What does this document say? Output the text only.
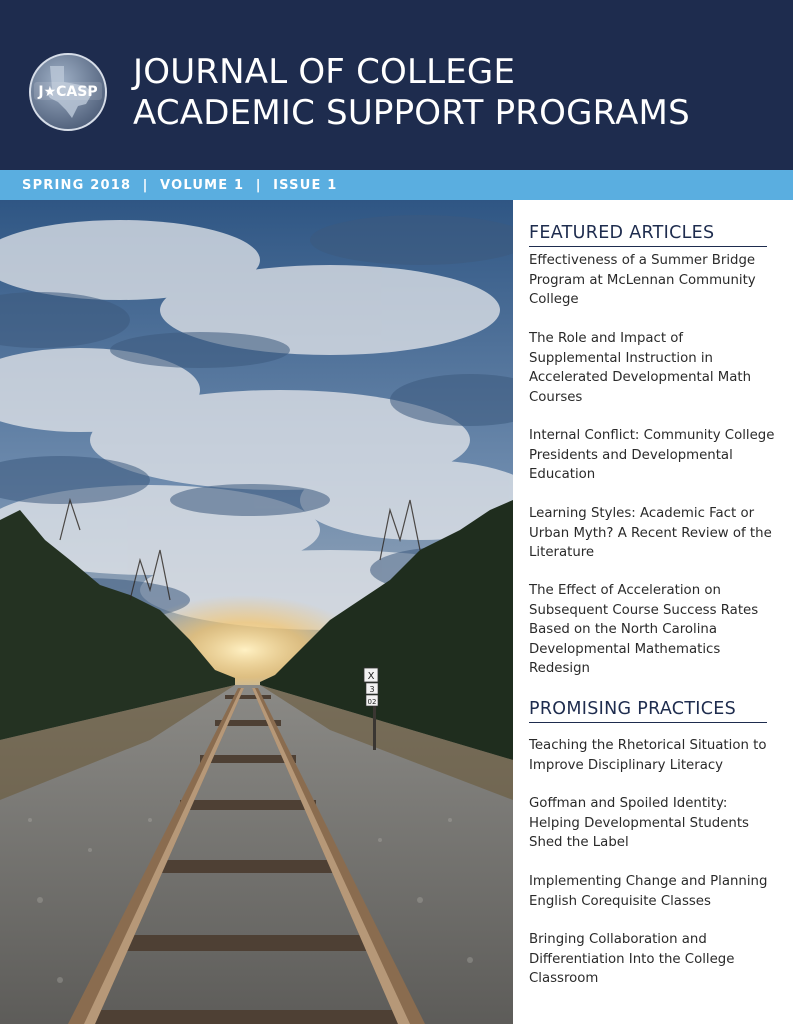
J★CASP JOURNAL OF COLLEGE
ACADEMIC SUPPORT PROGRAMS
SPRING 2018  |  VOLUME 1  |  ISSUE 1
X
3
02
FEATURED ARTICLES
Effectiveness of a Summer Bridge
Program at McLennan Community
College
The Role and Impact of
Supplemental Instruction in
Accelerated Developmental Math
Courses
Internal Conflict: Community College
Presidents and Developmental
Education
Learning Styles: Academic Fact or
Urban Myth? A Recent Review of the
Literature
The Effect of Acceleration on
Subsequent Course Success Rates
Based on the North Carolina
Developmental Mathematics
Redesign
PROMISING PRACTICES
Teaching the Rhetorical Situation to
Improve Disciplinary Literacy
Goffman and Spoiled Identity:
Helping Developmental Students
Shed the Label
Implementing Change and Planning
English Corequisite Classes
Bringing Collaboration and
Differentiation Into the College
Classroom
